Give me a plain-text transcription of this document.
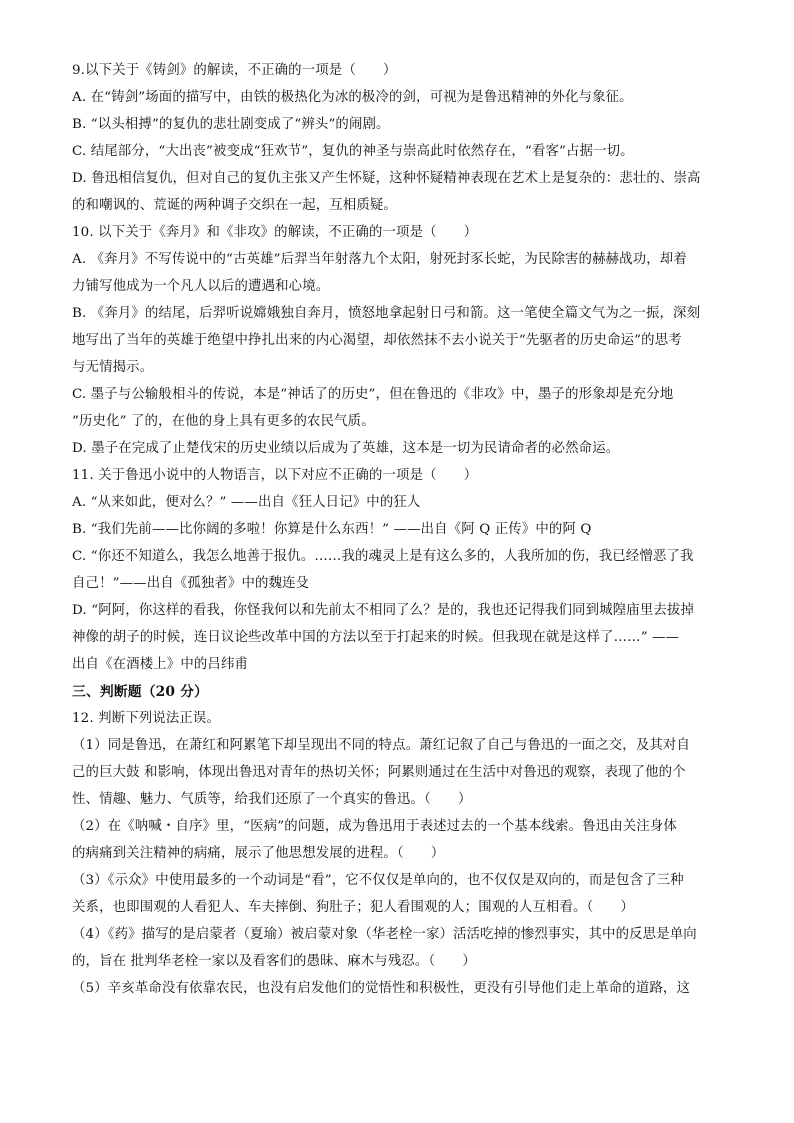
9.以下关于《铸剑》的解读，不正确的一项是（　　）
A. 在“铸剑”场面的描写中，由铁的极热化为冰的极冷的剑，可视为是鲁迅精神的外化与象征。
B. “以头相搏”的复仇的悲壮剧变成了“辨头”的闹剧。
C. 结尾部分，“大出丧”被变成“狂欢节”，复仇的神圣与崇高此时依然存在，“看客”占据一切。
D. 鲁迅相信复仇，但对自己的复仇主张又产生怀疑，这种怀疑精神表现在艺术上是复杂的：悲壮的、崇高
的和嘲讽的、荒诞的两种调子交织在一起，互相质疑。
10. 以下关于《奔月》和《非攻》的解读，不正确的一项是（　　）
A. 《奔月》不写传说中的“古英雄”后羿当年射落九个太阳，射死封豕长蛇，为民除害的赫赫战功，却着
力铺写他成为一个凡人以后的遭遇和心境。
B. 《奔月》的结尾，后羿听说嫦娥独自奔月，愤怒地拿起射日弓和箭。这一笔使全篇文气为之一振，深刻
地写出了当年的英雄于绝望中挣扎出来的内心渴望，却依然抹不去小说关于“先驱者的历史命运”的思考
与无情揭示。
C. 墨子与公输般相斗的传说，本是“神话了的历史”，但在鲁迅的《非攻》中，墨子的形象却是充分地
“历史化” 了的，在他的身上具有更多的农民气质。
D. 墨子在完成了止楚伐宋的历史业绩以后成为了英雄，这本是一切为民请命者的必然命运。
11. 关于鲁迅小说中的人物语言，以下对应不正确的一项是（　　）
A. “从来如此，便对么？” ——出自《狂人日记》中的狂人
B. “我们先前——比你阔的多啦！你算是什么东西！” ——出自《阿 Q 正传》中的阿 Q
C. “你还不知道么，我怎么地善于报仇。……我的魂灵上是有这么多的，人我所加的伤，我已经憎恶了我
自己！”——出自《孤独者》中的魏连殳
D. “阿阿，你这样的看我，你怪我何以和先前太不相同了么？是的，我也还记得我们同到城隍庙里去拔掉
神像的胡子的时候，连日议论些改革中国的方法以至于打起来的时候。但我现在就是这样了……” ——
出自《在酒楼上》中的吕纬甫
三、判断题（20 分）
12. 判断下列说法正误。
（1）同是鲁迅，在萧红和阿累笔下却呈现出不同的特点。萧红记叙了自己与鲁迅的一面之交，及其对自
己的巨大鼓 和影响，体现出鲁迅对青年的热切关怀；阿累则通过在生活中对鲁迅的观察，表现了他的个
性、情趣、魅力、气质等，给我们还原了一个真实的鲁迅。（　　）
（2）在《呐喊・自序》里，“医病”的问题，成为鲁迅用于表述过去的一个基本线索。鲁迅由关注身体
的病痛到关注精神的病痛，展示了他思想发展的进程。（　　）
（3）《示众》中使用最多的一个动词是“看”，它不仅仅是单向的，也不仅仅是双向的，而是包含了三种
关系，也即围观的人看犯人、车夫摔倒、狗肚子；犯人看围观的人；围观的人互相看。（　　）
（4）《药》描写的是启蒙者（夏瑜）被启蒙对象（华老栓一家）活活吃掉的惨烈事实，其中的反思是单向
的，旨在 批判华老栓一家以及看客们的愚昧、麻木与残忍。（　　）
（5）辛亥革命没有依靠农民，也没有启发他们的觉悟性和积极性，更没有引导他们走上革命的道路，这
